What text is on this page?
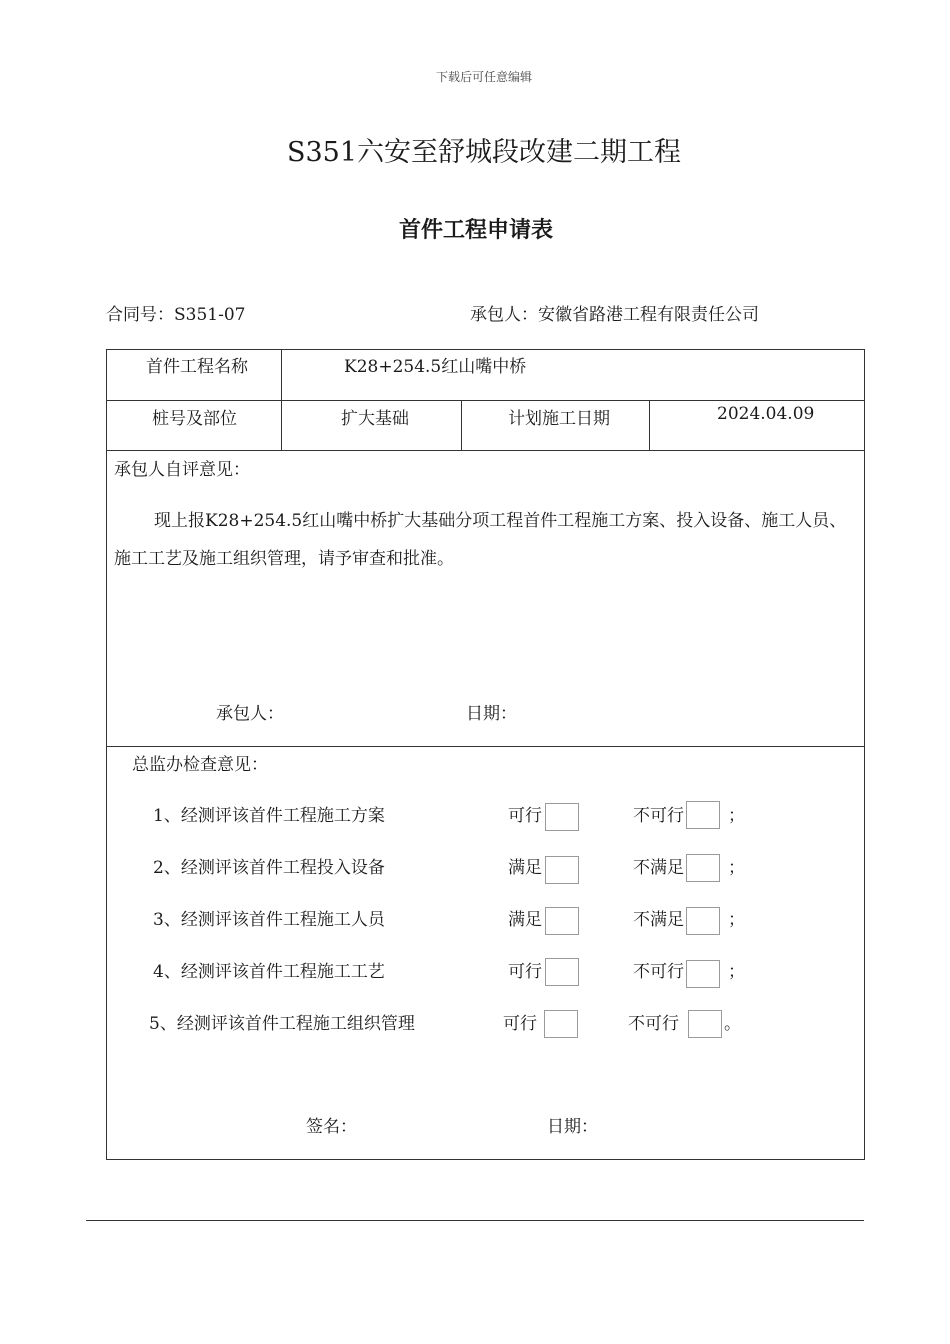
下载后可任意编辑
S351六安至舒城段改建二期工程
首件工程申请表
合同号：S351-07	承包人：安徽省路港工程有限责任公司
首件工程名称	K28+254.5红山嘴中桥
桩号及部位	扩大基础	计划施工日期	2024.04.09
承包人自评意见：
现上报K28+254.5红山嘴中桥扩大基础分项工程首件工程施工方案、投入设备、施工人员、施工工艺及施工组织管理，请予审查和批准。
承包人：	日期：
总监办检查意见：
1、经测评该首件工程施工方案	可行	不可行	；
2、经测评该首件工程投入设备	满足	不满足	；
3、经测评该首件工程施工人员	满足	不满足	；
4、经测评该首件工程施工工艺	可行	不可行	；
5、经测评该首件工程施工组织管理	可行	不可行	。
签名：	日期：
